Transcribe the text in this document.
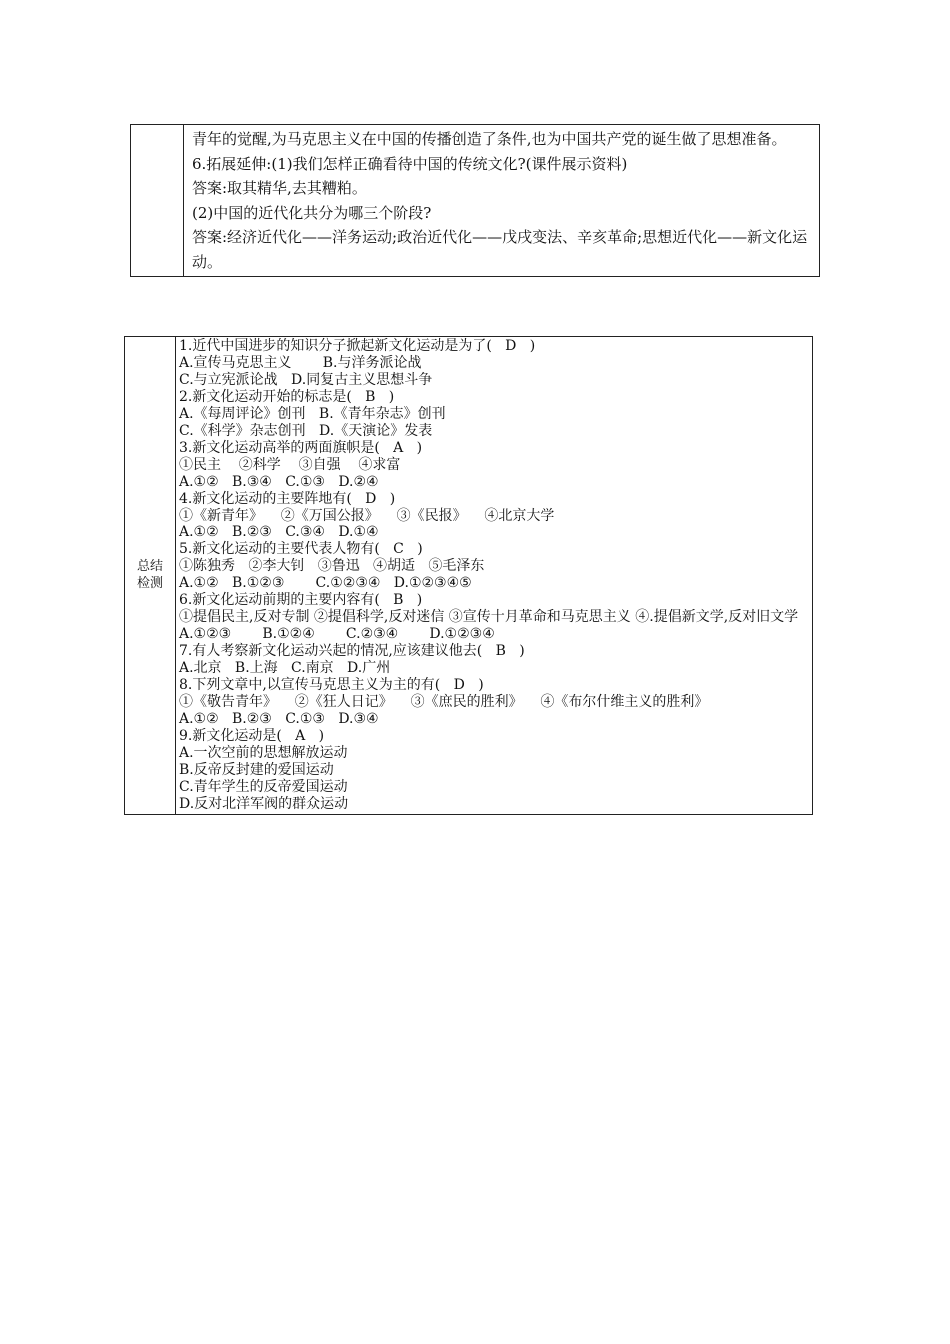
青年的觉醒,为马克思主义在中国的传播创造了条件,也为中国共产党的诞生做了思想准备。
6.拓展延伸:(1)我们怎样正确看待中国的传统文化?(课件展示资料)
答案:取其精华,去其糟粕。
(2)中国的近代化共分为哪三个阶段?
答案:经济近代化——洋务运动;政治近代化——戊戌变法、辛亥革命;思想近代化——新文化运动。
总结
检测

1.近代中国进步的知识分子掀起新文化运动是为了(   D   )
A.宣传马克思主义       B.与洋务派论战
C.与立宪派论战   D.同复古主义思想斗争
2.新文化运动开始的标志是(   B   )
A.《每周评论》创刊   B.《青年杂志》创刊
C.《科学》杂志创刊   D.《天演论》发表
3.新文化运动高举的两面旗帜是(   A   )
①民主    ②科学    ③自强    ④求富
A.①②   B.③④   C.①③   D.②④
4.新文化运动的主要阵地有(   D   )
①《新青年》    ②《万国公报》    ③《民报》    ④北京大学
A.①②   B.②③   C.③④   D.①④
5.新文化运动的主要代表人物有(   C   )
①陈独秀   ②李大钊   ③鲁迅   ④胡适   ⑤毛泽东
A.①②   B.①②③       C.①②③④   D.①②③④⑤
6.新文化运动前期的主要内容有(   B   )
①提倡民主,反对专制 ②提倡科学,反对迷信 ③宣传十月革命和马克思主义 ④.提倡新文学,反对旧文学
A.①②③       B.①②④       C.②③④       D.①②③④
7.有人考察新文化运动兴起的情况,应该建议他去(   B   )
A.北京   B.上海   C.南京   D.广州
8.下列文章中,以宣传马克思主义为主的有(   D   )
①《敬告青年》    ②《狂人日记》    ③《庶民的胜利》    ④《布尔什维主义的胜利》
A.①②   B.②③   C.①③   D.③④
9.新文化运动是(   A   )
A.一次空前的思想解放运动
B.反帝反封建的爱国运动
C.青年学生的反帝爱国运动
D.反对北洋军阀的群众运动
